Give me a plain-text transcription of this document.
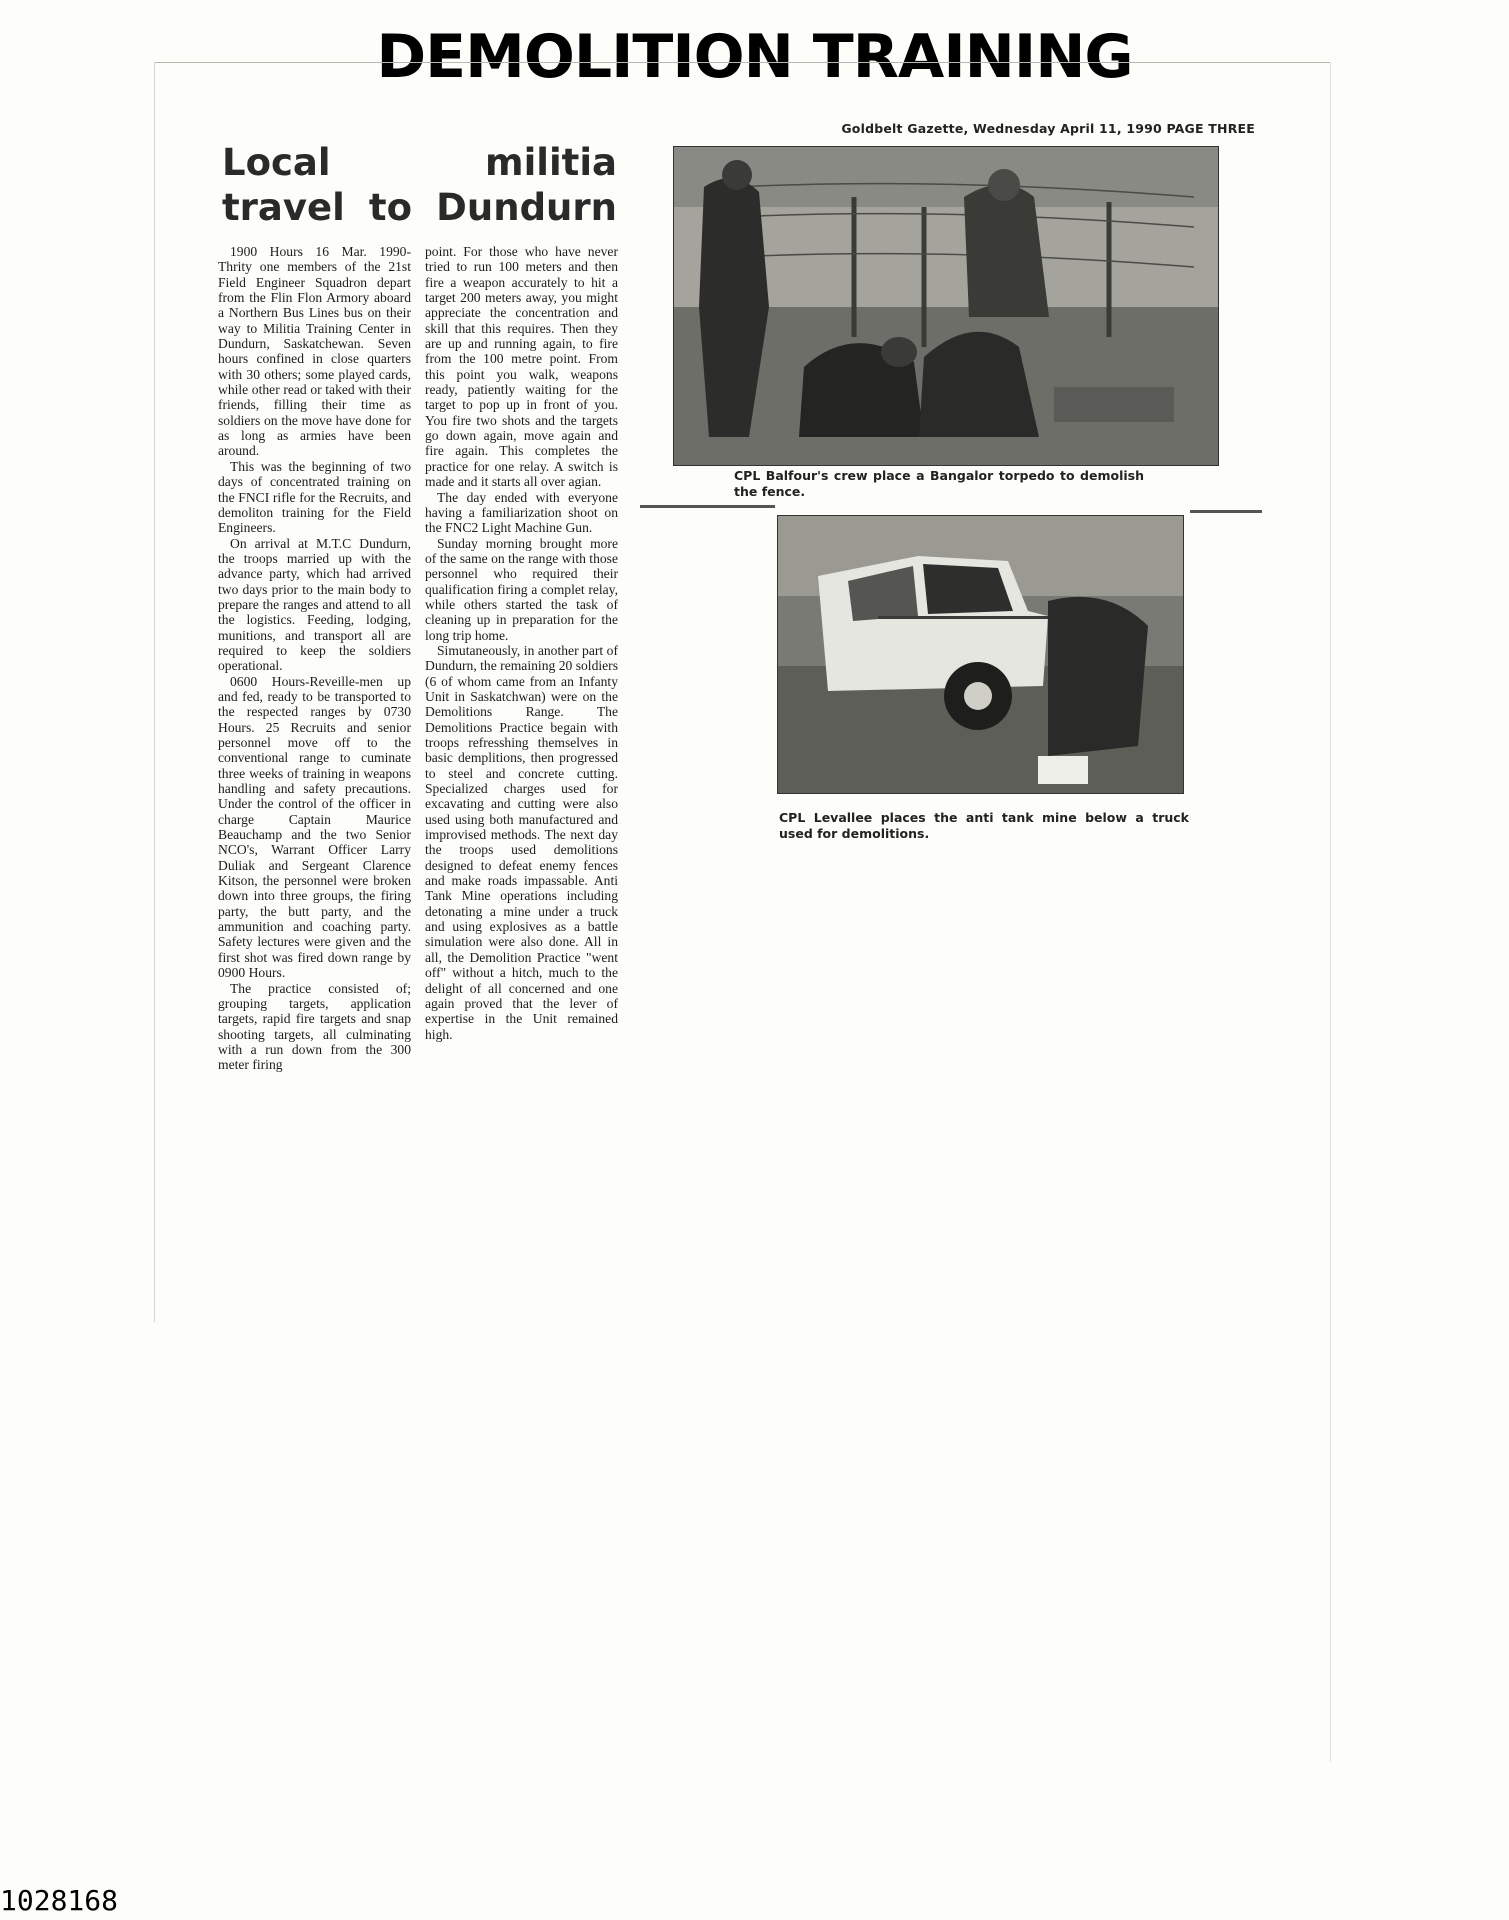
DEMOLITION TRAINING
Goldbelt Gazette, Wednesday April 11, 1990 PAGE THREE
Local militia
travel to Dundurn

1900 Hours 16 Mar. 1990- Thrity one members of the 21st Field Engineer Squadron depart from the Flin Flon Armory aboard a Northern Bus Lines bus on their way to Militia Training Center in Dundurn, Saskatchewan. Seven hours confined in close quarters with 30 others; some played cards, while other read or taked with their friends, filling their time as soldiers on the move have done for as long as armies have been around.

This was the beginning of two days of concentrated training on the FNCI rifle for the Recruits, and demoliton training for the Field Engineers.

On arrival at M.T.C Dundurn, the troops married up with the advance party, which had arrived two days prior to the main body to prepare the ranges and attend to all the logistics. Feeding, lodging, munitions, and transport all are required to keep the soldiers operational.

0600 Hours-Reveille-men up and fed, ready to be transported to the respected ranges by 0730 Hours. 25 Recruits and senior personnel move off to the conventional range to cuminate three weeks of training in weapons handling and safety precautions. Under the control of the officer in charge Captain Maurice Beauchamp and the two Senior NCO's, Warrant Officer Larry Duliak and Sergeant Clarence Kitson, the personnel were broken down into three groups, the firing party, the butt party, and the ammunition and coaching party. Safety lectures were given and the first shot was fired down range by 0900 Hours.

The practice consisted of; grouping targets, application targets, rapid fire targets and snap shooting targets, all culminating with a run down from the 300 meter firing

point. For those who have never tried to run 100 meters and then fire a weapon accurately to hit a target 200 meters away, you might appreciate the concentration and skill that this requires. Then they are up and running again, to fire from the 100 metre point. From this point you walk, weapons ready, patiently waiting for the target to pop up in front of you. You fire two shots and the targets go down again, move again and fire again. This completes the practice for one relay. A switch is made and it starts all over agian.

The day ended with everyone having a familiarization shoot on the FNC2 Light Machine Gun.

Sunday morning brought more of the same on the range with those personnel who required their qualification firing a complet relay, while others started the task of cleaning up in preparation for the long trip home.

Simutaneously, in another part of Dundurn, the remaining 20 soldiers (6 of whom came from an Infanty Unit in Saskatchwan) were on the Demolitions Range. The Demolitions Practice begain with troops refresshing themselves in basic demplitions, then progressed to steel and concrete cutting. Specialized charges used for excavating and cutting were also used using both manufactured and improvised methods. The next day the troops used demolitions designed to defeat enemy fences and make roads impassable. Anti Tank Mine operations including detonating a mine under a truck and using explosives as a battle simulation were also done. All in all, the Demolition Practice "went off" without a hitch, much to the delight of all concerned and one again proved that the lever of expertise in the Unit remained high.

CPL Balfour's crew place a Bangalor torpedo to demolish the fence.
CPL Levallee places the anti tank mine below a truck used for demolitions.
1028168
